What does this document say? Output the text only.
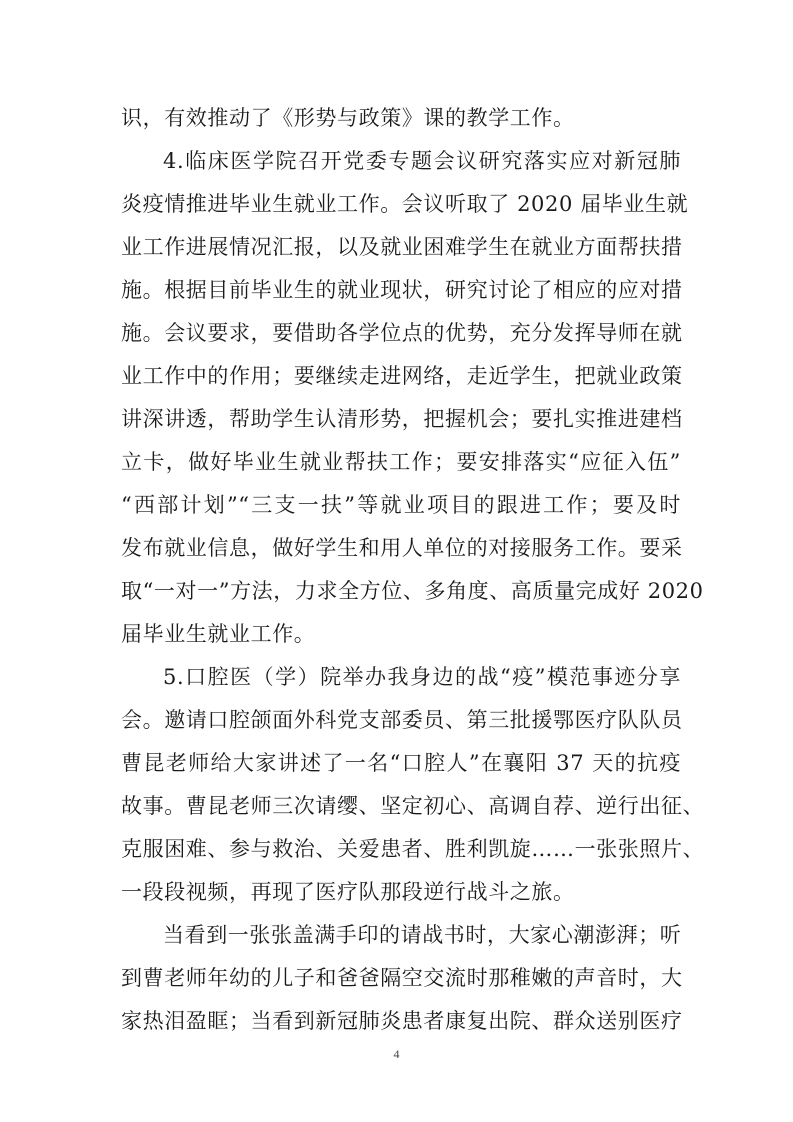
识，有效推动了《形势与政策》课的教学工作。
4.临床医学院召开党委专题会议研究落实应对新冠肺
炎疫情推进毕业生就业工作。会议听取了 2020 届毕业生就
业工作进展情况汇报，以及就业困难学生在就业方面帮扶措
施。根据目前毕业生的就业现状，研究讨论了相应的应对措
施。会议要求，要借助各学位点的优势，充分发挥导师在就
业工作中的作用；要继续走进网络，走近学生，把就业政策
讲深讲透，帮助学生认清形势，把握机会；要扎实推进建档
立卡，做好毕业生就业帮扶工作；要安排落实“应征入伍”
“西部计划”“三支一扶”等就业项目的跟进工作；要及时
发布就业信息，做好学生和用人单位的对接服务工作。要采
取“一对一”方法，力求全方位、多角度、高质量完成好 2020
届毕业生就业工作。
5.口腔医（学）院举办我身边的战“疫”模范事迹分享
会。邀请口腔颌面外科党支部委员、第三批援鄂医疗队队员
曹昆老师给大家讲述了一名“口腔人”在襄阳 37 天的抗疫
故事。曹昆老师三次请缨、坚定初心、高调自荐、逆行出征、
克服困难、参与救治、关爱患者、胜利凯旋……一张张照片、
一段段视频，再现了医疗队那段逆行战斗之旅。
当看到一张张盖满手印的请战书时，大家心潮澎湃；听
到曹老师年幼的儿子和爸爸隔空交流时那稚嫩的声音时，大
家热泪盈眶；当看到新冠肺炎患者康复出院、群众送别医疗
4
